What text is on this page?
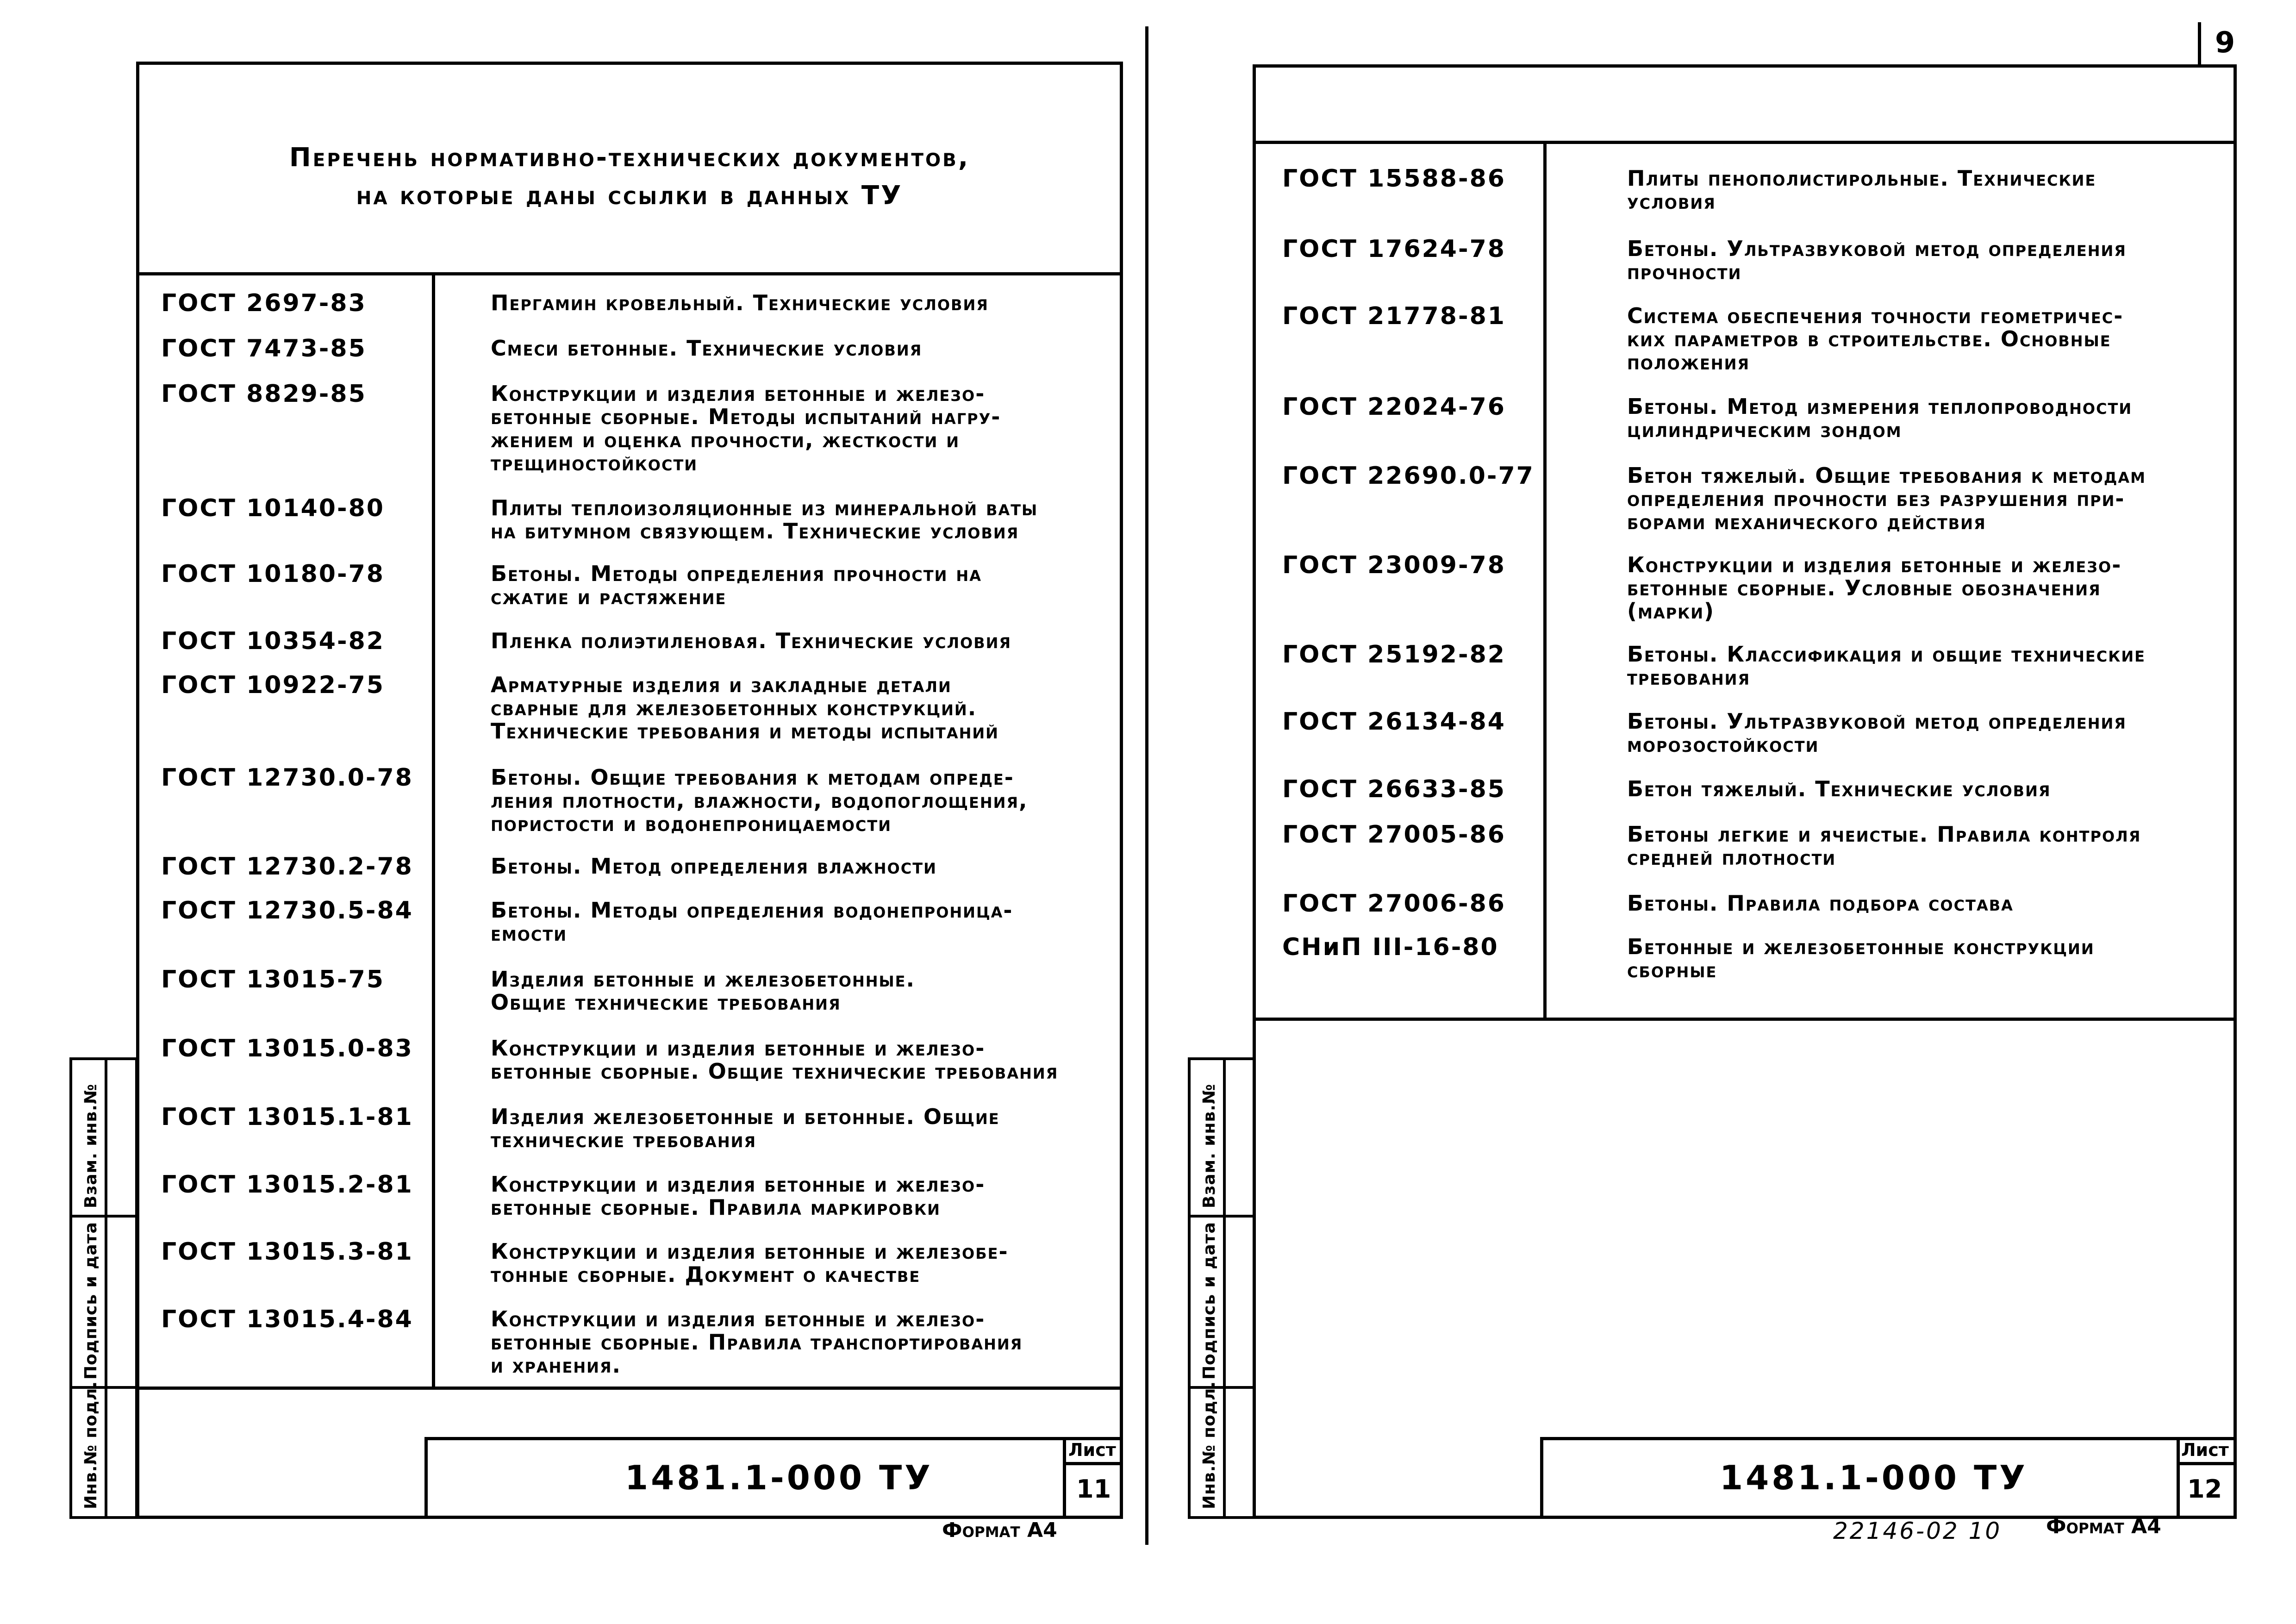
Перечень нормативно-технических документов,
на которые даны ссылки в данных ТУ
ГОСТ 2697-83	Пергамин кровельный. Технические условия
ГОСТ 7473-85	Смеси бетонные. Технические условия
ГОСТ 8829-85	Конструкции и изделия бетонные и железо-
бетонные сборные. Методы испытаний нагру-
жением и оценка прочности, жесткости и
трещиностойкости
ГОСТ 10140-80	Плиты теплоизоляционные из минеральной ваты
на битумном связующем. Технические условия
ГОСТ 10180-78	Бетоны. Методы определения прочности на
сжатие и растяжение
ГОСТ 10354-82	Пленка полиэтиленовая. Технические условия
ГОСТ 10922-75	Арматурные изделия и закладные детали
сварные для железобетонных конструкций.
Технические требования и методы испытаний
ГОСТ 12730.0-78	Бетоны. Общие требования к методам опреде-
ления плотности, влажности, водопоглощения,
пористости и водонепроницаемости
ГОСТ 12730.2-78	Бетоны. Метод определения влажности
ГОСТ 12730.5-84	Бетоны. Методы определения водонепроница-
емости
ГОСТ 13015-75	Изделия бетонные и железобетонные.
Общие технические требования
ГОСТ 13015.0-83	Конструкции и изделия бетонные и железо-
бетонные сборные. Общие технические требования
ГОСТ 13015.1-81	Изделия железобетонные и бетонные. Общие
технические требования
ГОСТ 13015.2-81	Конструкции и изделия бетонные и железо-
бетонные сборные. Правила маркировки
ГОСТ 13015.3-81	Конструкции и изделия бетонные и железобе-
тонные сборные. Документ о качестве
ГОСТ 13015.4-84	Конструкции и изделия бетонные и железо-
бетонные сборные. Правила транспортирования
и хранения.
1481.1-000 ТУ
Лист
11
Формат А4
Взам. инв.№
Подпись и дата
Инв.№ подл.
ГОСТ 15588-86	Плиты пенополистирольные. Технические
условия
ГОСТ 17624-78	Бетоны. Ультразвуковой метод определения
прочности
ГОСТ 21778-81	Система обеспечения точности геометричес-
ких параметров в строительстве. Основные
положения
ГОСТ 22024-76	Бетоны. Метод измерения теплопроводности
цилиндрическим зондом
ГОСТ 22690.0-77	Бетон тяжелый. Общие требования к методам
определения прочности без разрушения при-
борами механического действия
ГОСТ 23009-78	Конструкции и изделия бетонные и железо-
бетонные сборные. Условные обозначения
(марки)
ГОСТ 25192-82	Бетоны. Классификация и общие технические
требования
ГОСТ 26134-84	Бетоны. Ультразвуковой метод определения
морозостойкости
ГОСТ 26633-85	Бетон тяжелый. Технические условия
ГОСТ 27005-86	Бетоны легкие и ячеистые. Правила контроля
средней плотности
ГОСТ 27006-86	Бетоны. Правила подбора состава
СНиП III-16-80	Бетонные и железобетонные конструкции
сборные
1481.1-000 ТУ
Лист
12
Формат А4
22146-02 10
9
Взам. инв.№
Подпись и дата
Инв.№ подл.
